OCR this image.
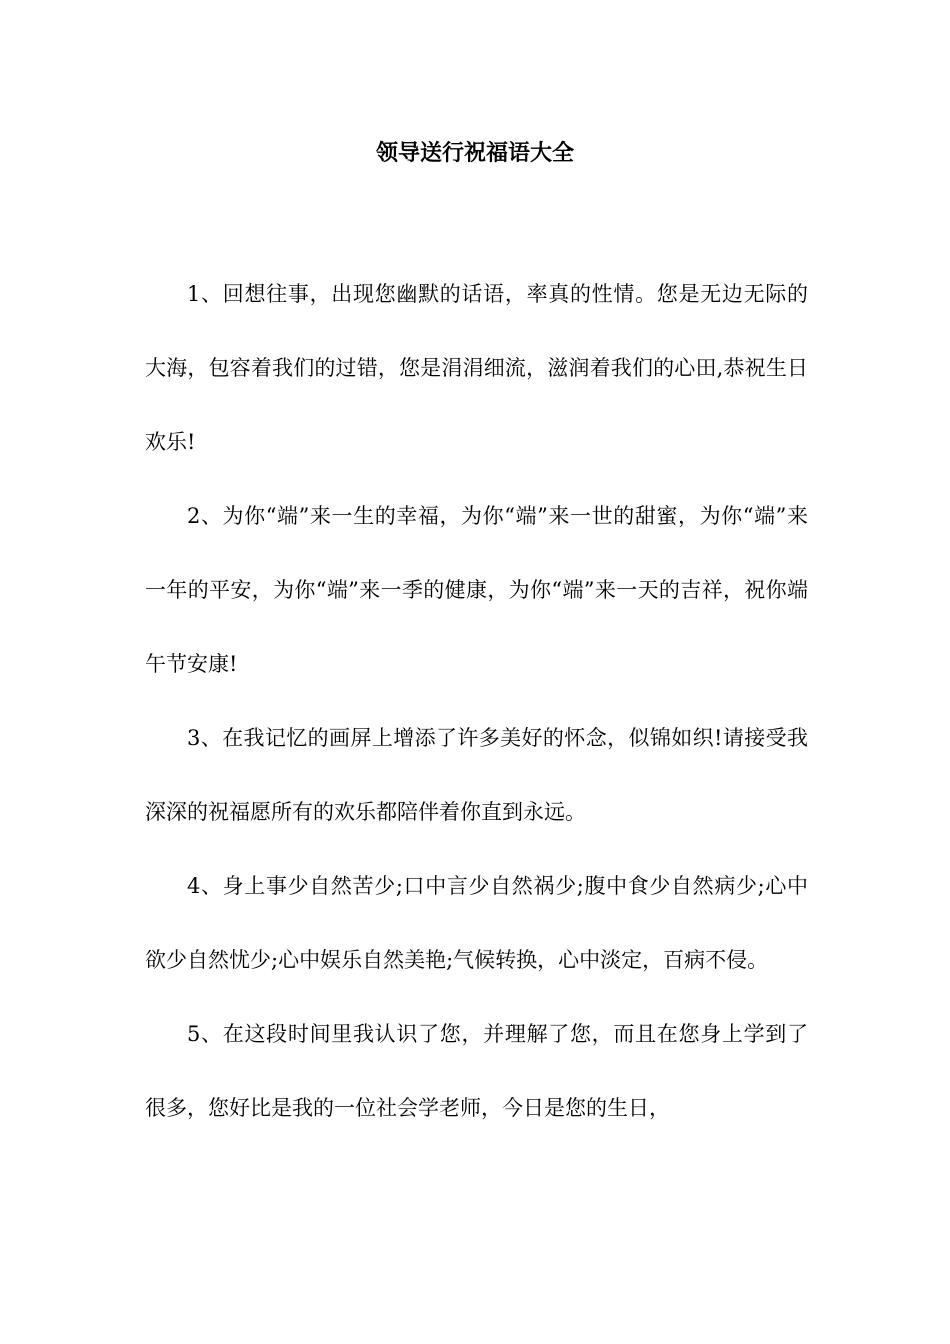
领导送行祝福语大全

1、回想往事，出现您幽默的话语，率真的性情。您是无边无际的大海，包容着我们的过错，您是涓涓细流，滋润着我们的心田,恭祝生日欢乐!

2、为你“端”来一生的幸福，为你“端”来一世的甜蜜，为你“端”来一年的平安，为你“端”来一季的健康，为你“端”来一天的吉祥，祝你端午节安康!

3、在我记忆的画屏上增添了许多美好的怀念，似锦如织!请接受我深深的祝福愿所有的欢乐都陪伴着你直到永远。

4、身上事少自然苦少;口中言少自然祸少;腹中食少自然病少;心中欲少自然忧少;心中娱乐自然美艳;气候转换，心中淡定，百病不侵。

5、在这段时间里我认识了您，并理解了您，而且在您身上学到了很多，您好比是我的一位社会学老师，今日是您的生日，
